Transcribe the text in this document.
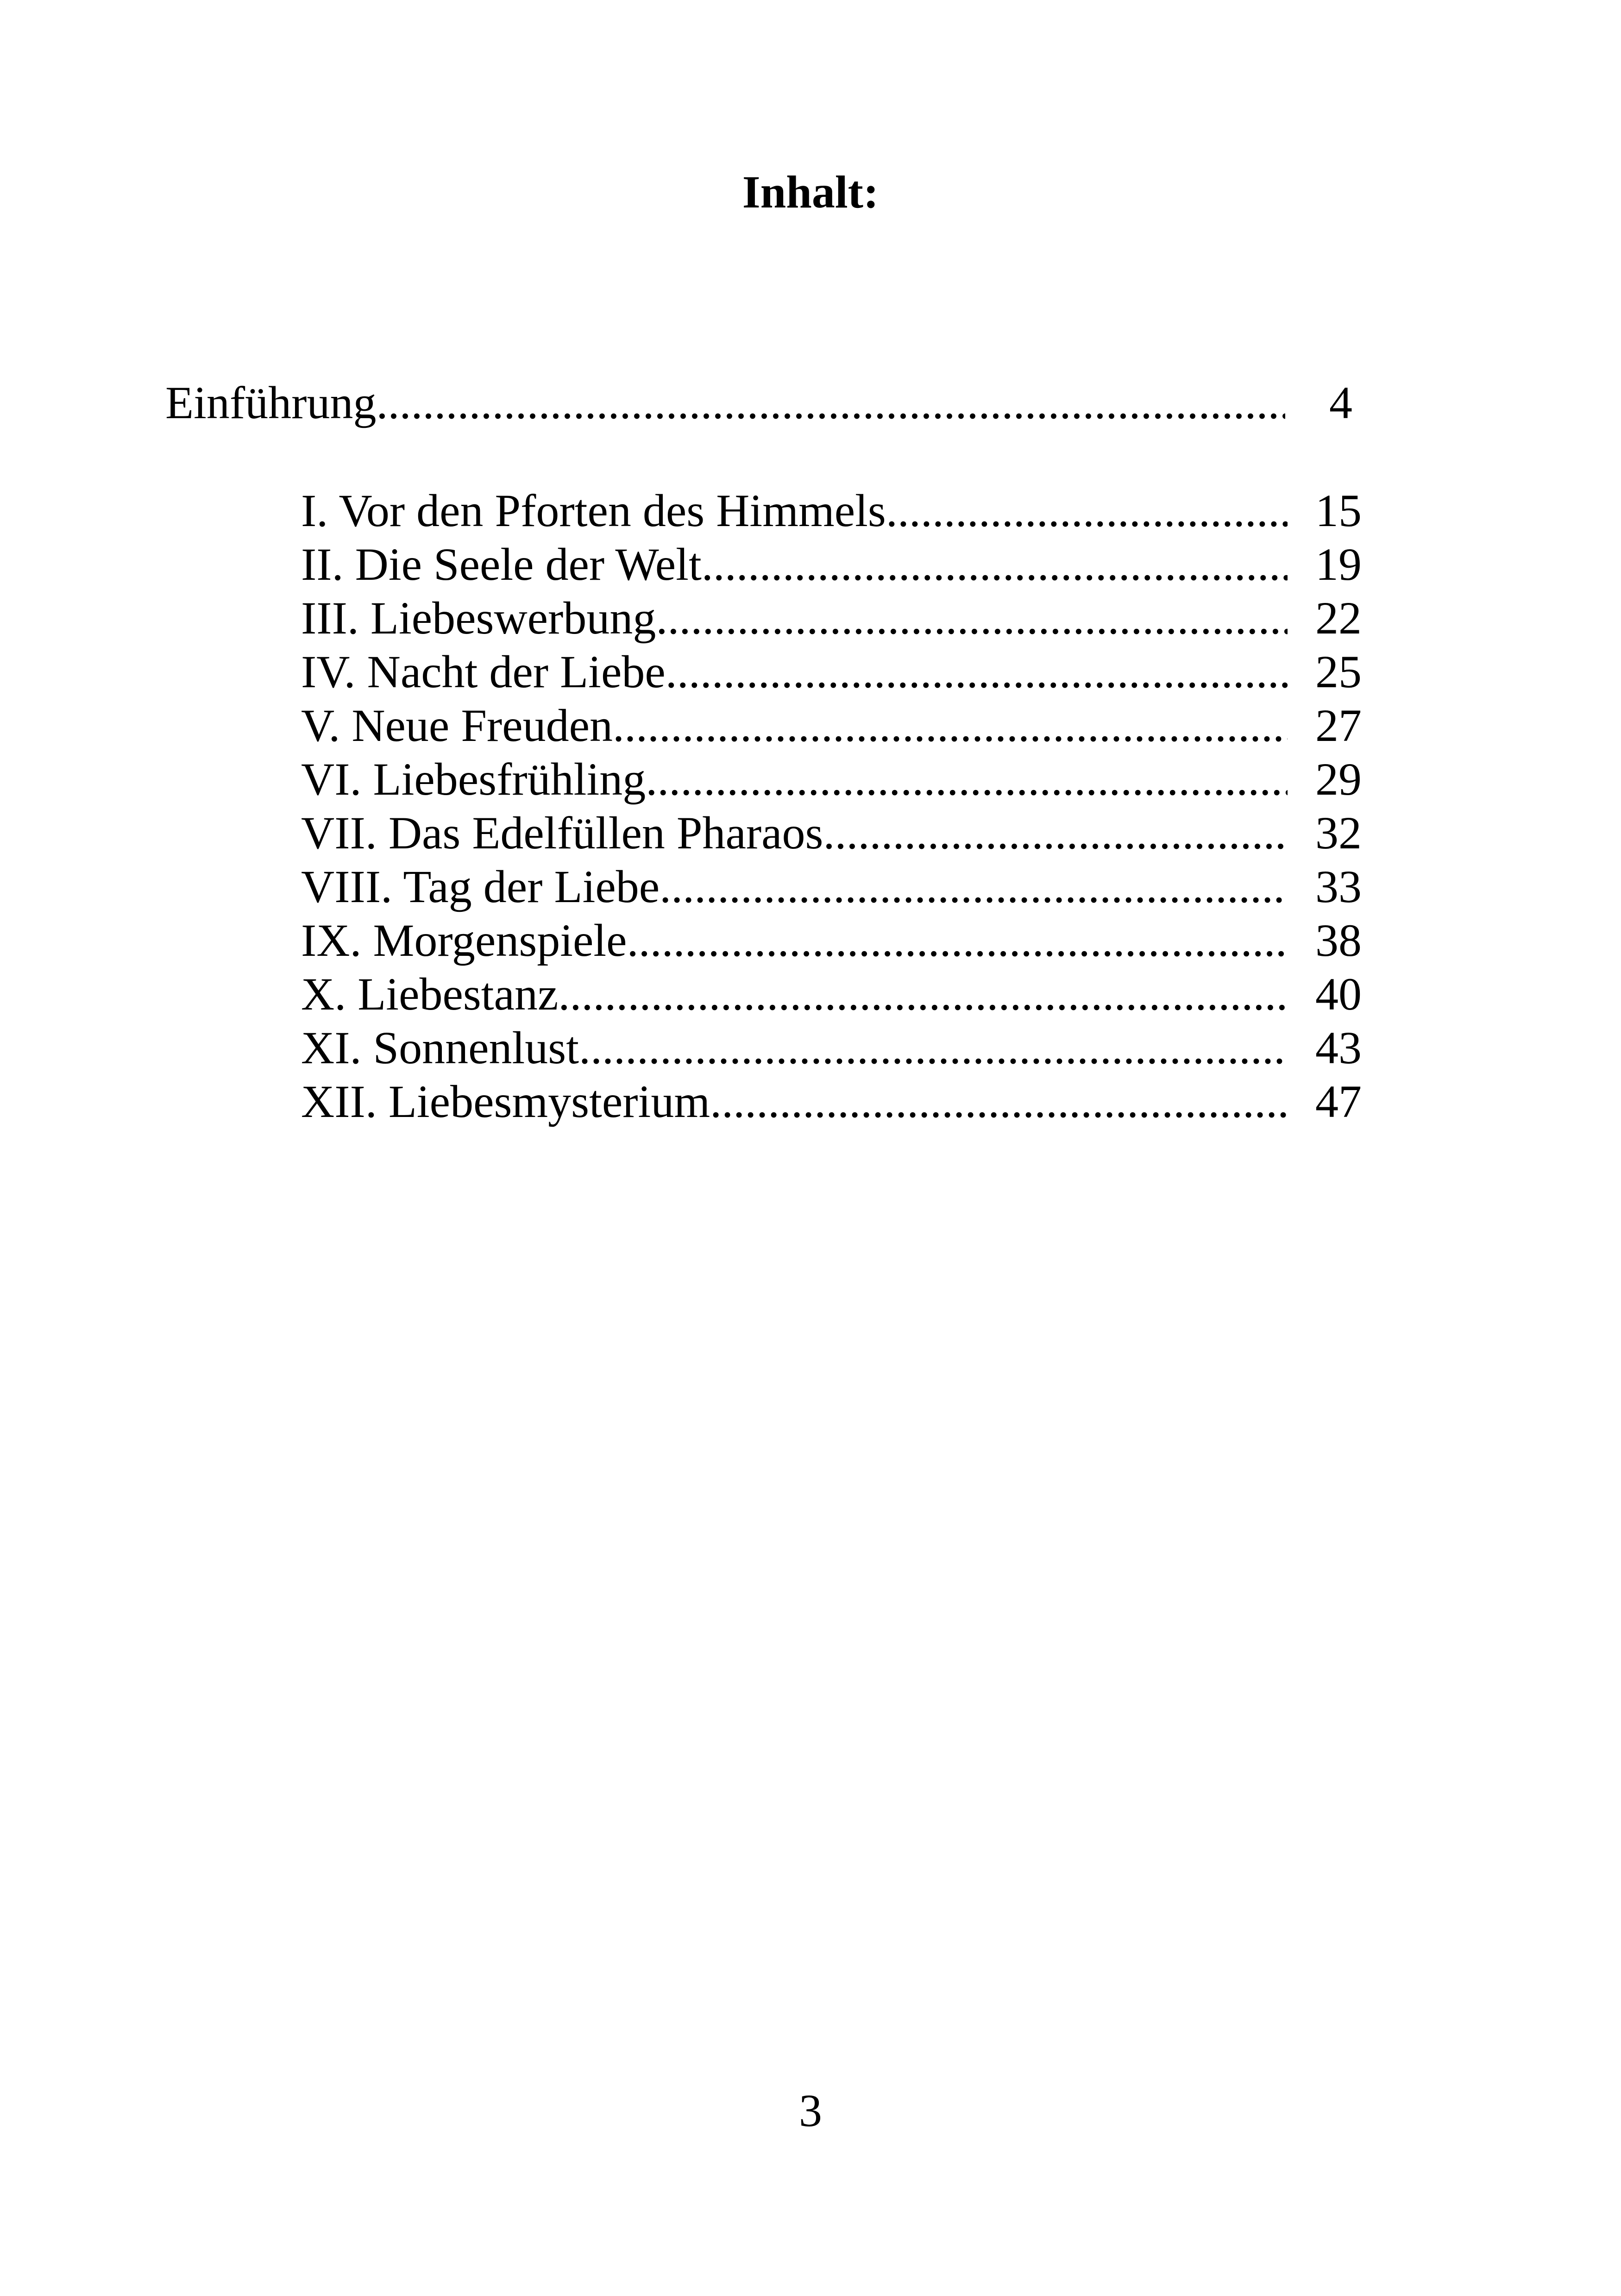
Inhalt:
Einführung .....	4
I. Vor den Pforten des Himmels .....	15
II. Die Seele der Welt .....	19
III. Liebeswerbung .....	22
IV. Nacht der Liebe .....	25
V. Neue Freuden .....	27
VI. Liebesfrühling .....	29
VII. Das Edelfüllen Pharaos .....	32
VIII. Tag der Liebe .....	33
IX. Morgenspiele .....	38
X. Liebestanz .....	40
XI. Sonnenlust .....	43
XII. Liebesmysterium .....	47
3
